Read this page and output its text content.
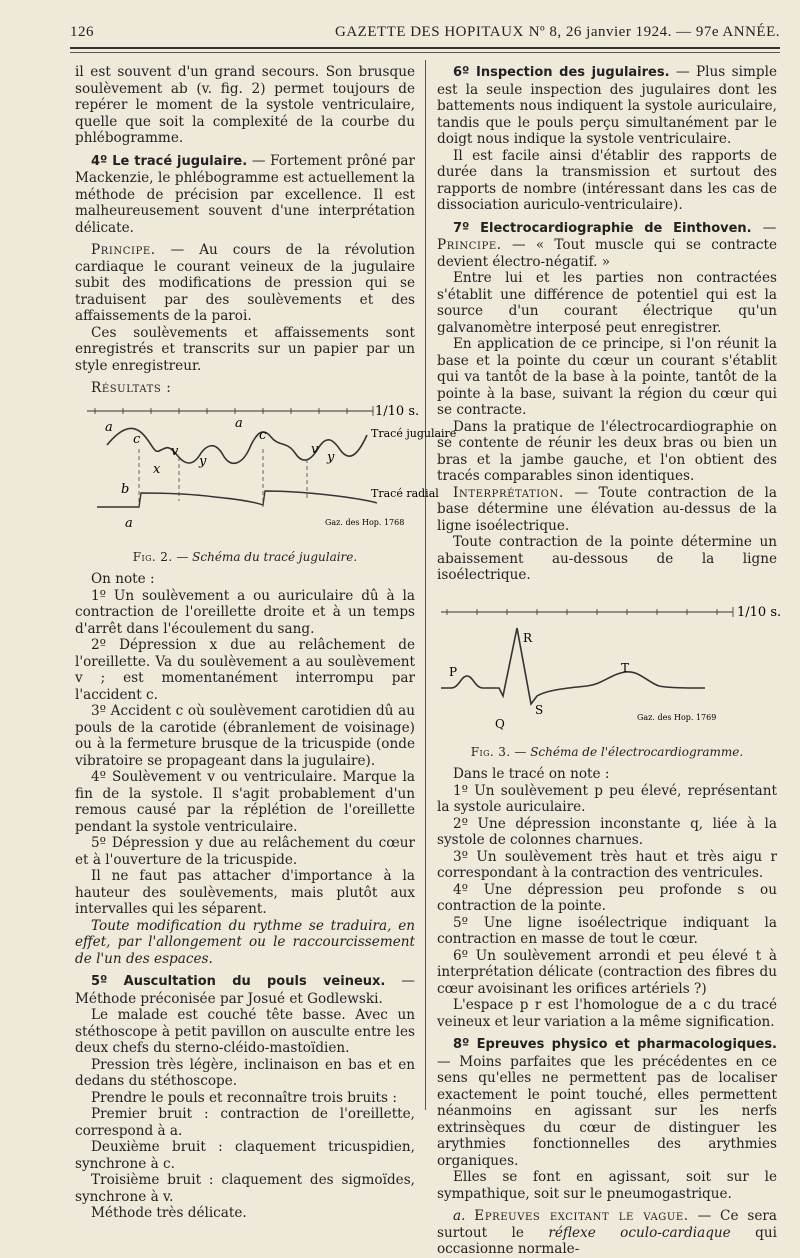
126	GAZETTE DES HOPITAUX Nº 8, 26 janvier 1924. — 97e ANNÉE.

il est souvent d'un grand secours. Son brusque soulèvement ab (v. fig. 2) permet toujours de repérer le moment de la systole ventriculaire, quelle que soit la complexité de la courbe du phlébogramme.

4º Le tracé jugulaire. — Fortement prôné par Mackenzie, le phlébogramme est actuellement la méthode de précision par excellence. Il est malheureusement souvent d'une interprétation délicate.

Principe. — Au cours de la révolution cardiaque le courant veineux de la jugulaire subit des modifications de pression qui se traduisent par des soulèvements et des affaissements de la paroi.

Ces soulèvements et affaissements sont enregistrés et transcrits sur un papier par un style enregistreur.

Résultats :

1/10 s.
a
c
x
v
y
a
c
v
y
b
a
Tracé jugulaire
Tracé radial
Gaz. des Hop. 1768
Fig. 2. — Schéma du tracé jugulaire.

On note :

1º Un soulèvement a ou auriculaire dû à la contraction de l'oreillette droite et à un temps d'arrêt dans l'écoulement du sang.

2º Dépression x due au relâchement de l'oreillette. Va du soulèvement a au soulèvement v ; est momentanément interrompu par l'accident c.

3º Accident c où soulèvement carotidien dû au pouls de la carotide (ébranlement de voisinage) ou à la fermeture brusque de la tricuspide (onde vibratoire se propageant dans la jugulaire).

4º Soulèvement v ou ventriculaire. Marque la fin de la systole. Il s'agit probablement d'un remous causé par la réplétion de l'oreillette pendant la systole ventriculaire.

5º Dépression y due au relâchement du cœur et à l'ouverture de la tricuspide.

Il ne faut pas attacher d'importance à la hauteur des soulèvements, mais plutôt aux intervalles qui les séparent.

Toute modification du rythme se traduira, en effet, par l'allongement ou le raccourcissement de l'un des espaces.

5º Auscultation du pouls veineux. — Méthode préconisée par Josué et Godlewski.

Le malade est couché tête basse. Avec un stéthoscope à petit pavillon on ausculte entre les deux chefs du sterno-cléido-mastoïdien.

Pression très légère, inclinaison en bas et en dedans du stéthoscope.

Prendre le pouls et reconnaître trois bruits :

Premier bruit : contraction de l'oreillette, correspond à a.

Deuxième bruit : claquement tricuspidien, synchrone à c.

Troisième bruit : claquement des sigmoïdes, synchrone à v.

Méthode très délicate.

6º Inspection des jugulaires. — Plus simple est la seule inspection des jugulaires dont les battements nous indiquent la systole auriculaire, tandis que le pouls perçu simultanément par le doigt nous indique la systole ventriculaire.

Il est facile ainsi d'établir des rapports de durée dans la transmission et surtout des rapports de nombre (intéressant dans les cas de dissociation auriculo-ventriculaire).

7º Electrocardiographie de Einthoven. — Principe. — « Tout muscle qui se contracte devient électro-négatif. »

Entre lui et les parties non contractées s'établit une différence de potentiel qui est la source d'un courant électrique qu'un galvanomètre interposé peut enregistrer.

En application de ce principe, si l'on réunit la base et la pointe du cœur un courant s'établit qui va tantôt de la base à la pointe, tantôt de la pointe à la base, suivant la région du cœur qui se contracte.

Dans la pratique de l'électrocardiographie on se contente de réunir les deux bras ou bien un bras et la jambe gauche, et l'on obtient des tracés comparables sinon identiques.

Interprétation. — Toute contraction de la base détermine une élévation au-dessus de la ligne isoélectrique.

Toute contraction de la pointe détermine un abaissement au-dessous de la ligne isoélectrique.

1/10 s.
R
P	T
S
Q	Gaz. des Hop. 1769
Fig. 3. — Schéma de l'électrocardiogramme.

Dans le tracé on note :

1º Un soulèvement p peu élevé, représentant la systole auriculaire.

2º Une dépression inconstante q, liée à la systole de colonnes charnues.

3º Un soulèvement très haut et très aigu r correspondant à la contraction des ventricules.

4º Une dépression peu profonde s ou contraction de la pointe.

5º Une ligne isoélectrique indiquant la contraction en masse de tout le cœur.

6º Un soulèvement arrondi et peu élevé t à interprétation délicate (contraction des fibres du cœur avoisinant les orifices artériels ?)

L'espace p r est l'homologue de a c du tracé veineux et leur variation a la même signification.

8º Epreuves physico et pharmacologiques. — Moins parfaites que les précédentes en ce sens qu'elles ne permettent pas de localiser exactement le point touché, elles permettent néanmoins en agissant sur les nerfs extrinsèques du cœur de distinguer les arythmies fonctionnelles des arythmies organiques.

Elles se font en agissant, soit sur le sympathique, soit sur le pneumogastrique.

a. Epreuves excitant le vague. — Ce sera surtout le réflexe oculo-cardiaque qui occasionne normale-
